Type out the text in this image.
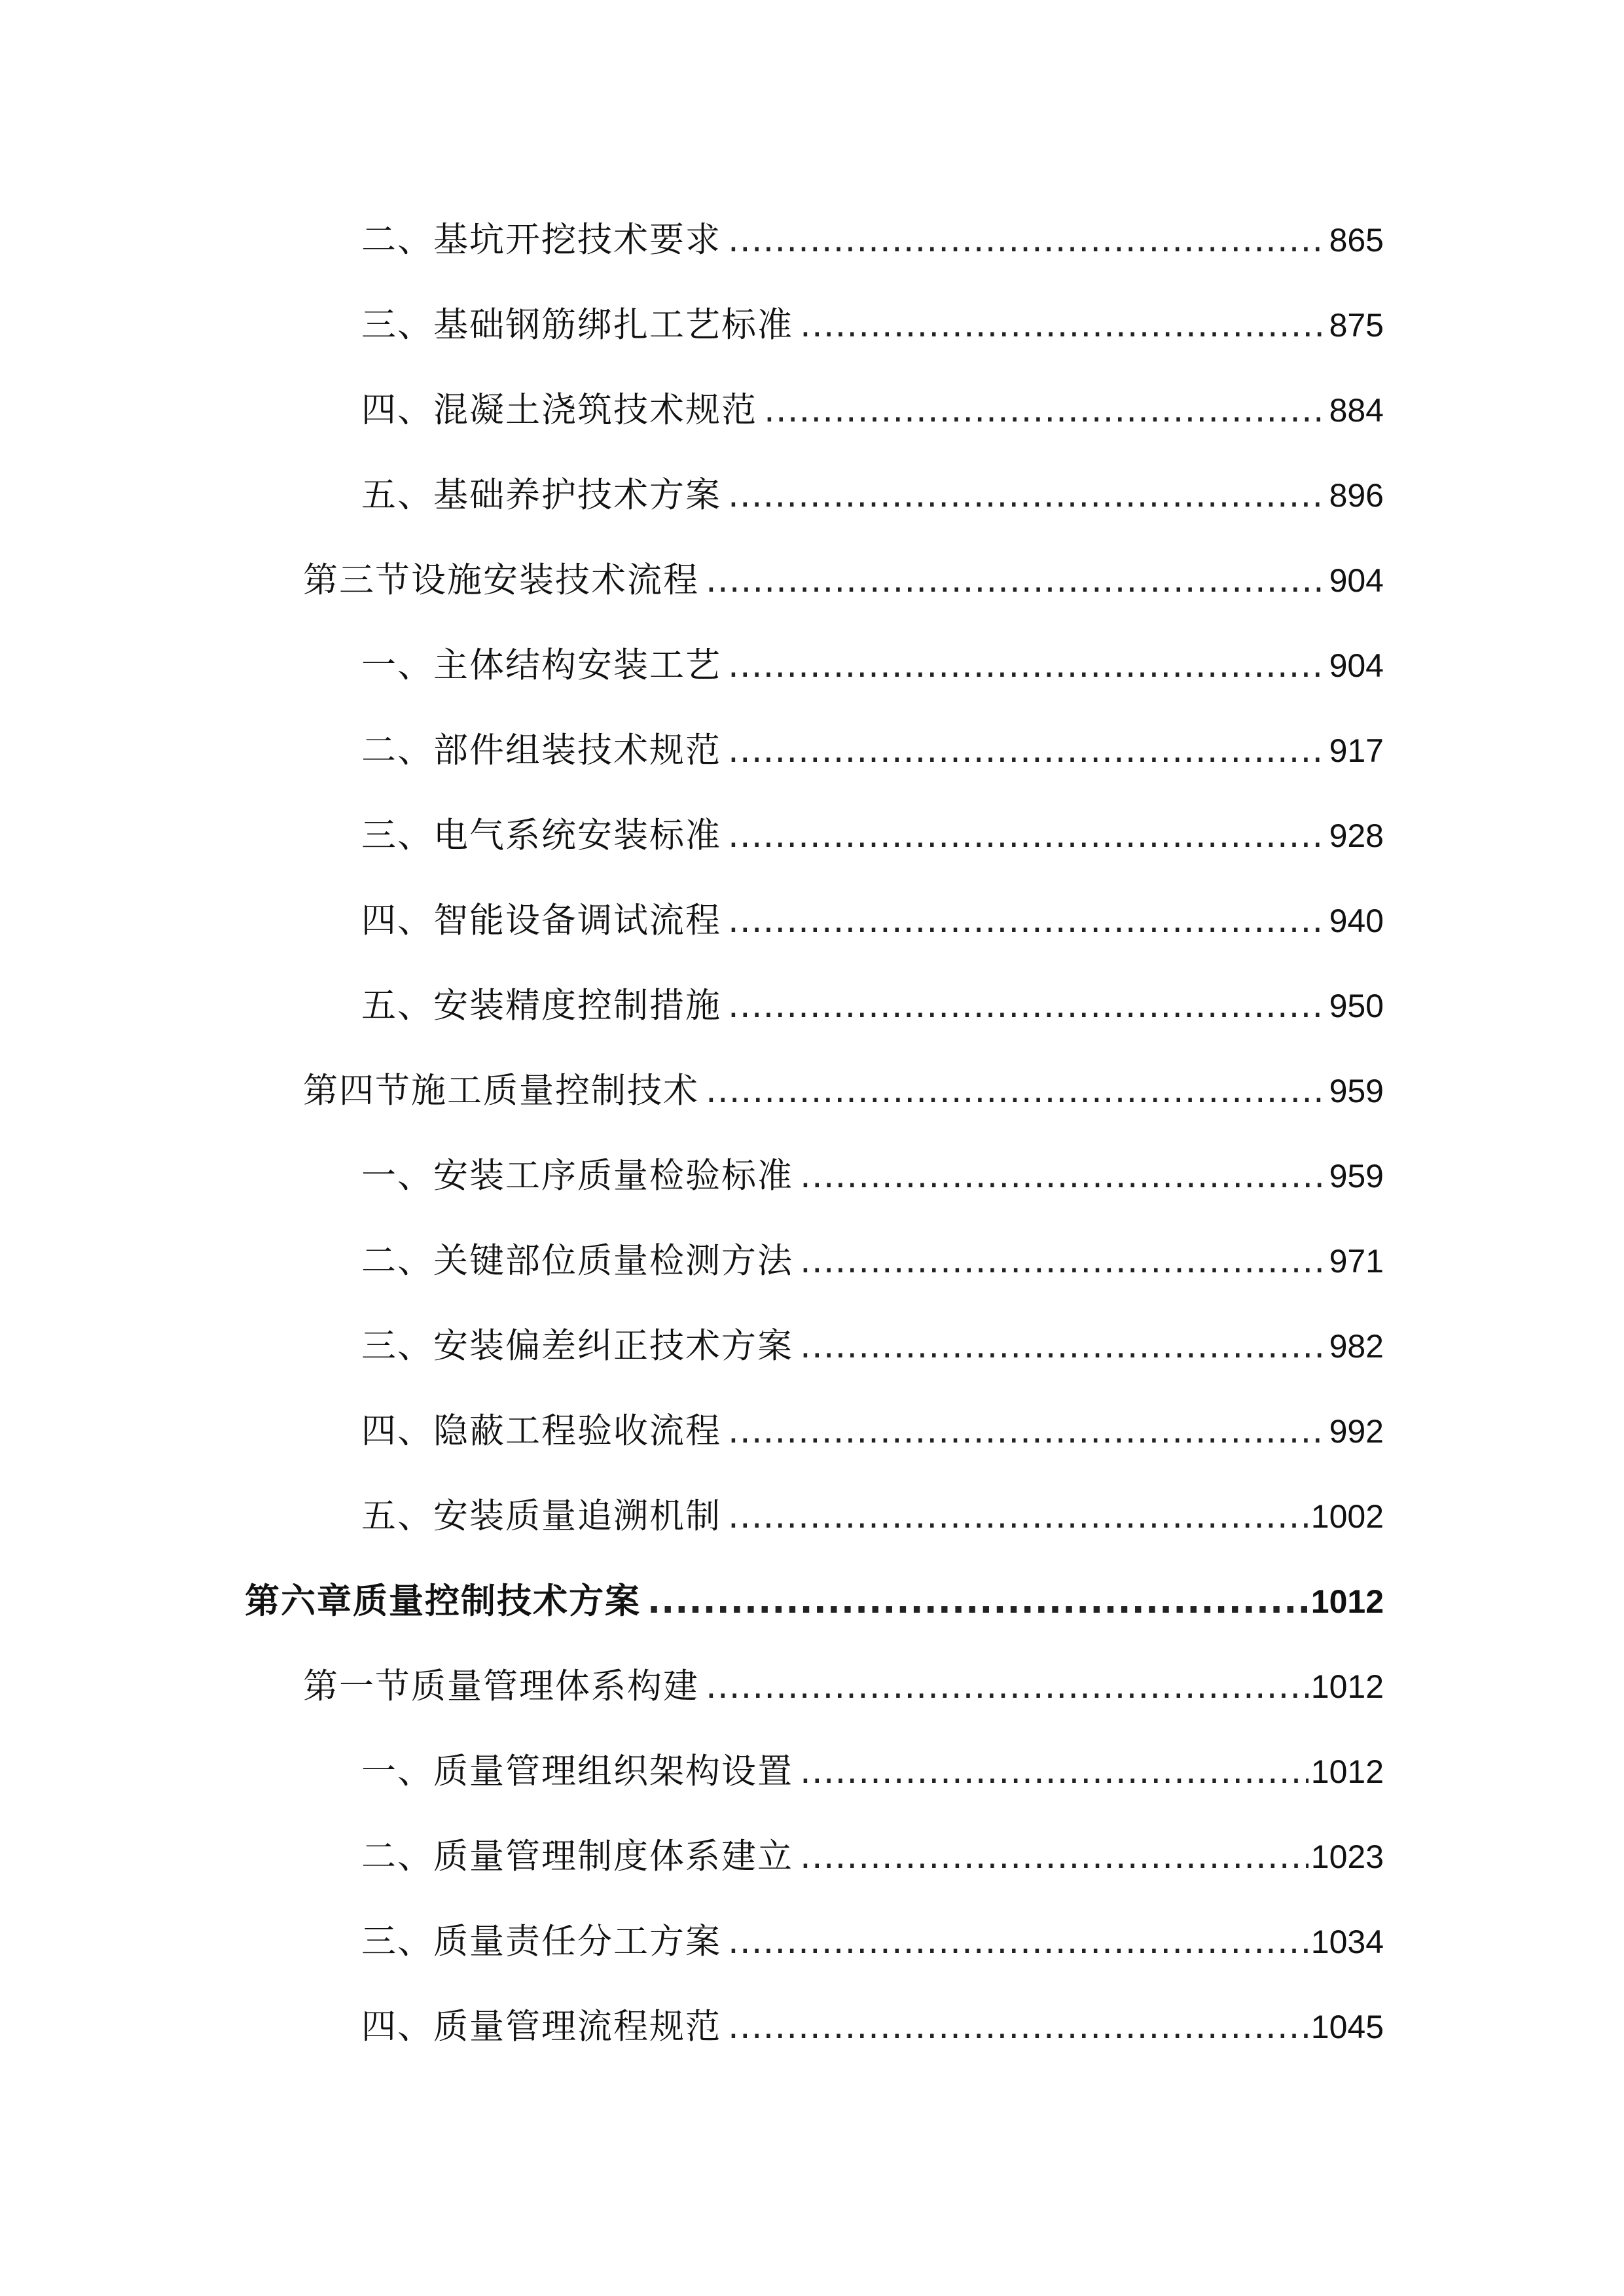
二、基坑开挖技术要求 .....	865
三、基础钢筋绑扎工艺标准 .....	875
四、混凝土浇筑技术规范 .....	884
五、基础养护技术方案 .....	896
第三节设施安装技术流程 .....	904
一、主体结构安装工艺 .....	904
二、部件组装技术规范 .....	917
三、电气系统安装标准 .....	928
四、智能设备调试流程 .....	940
五、安装精度控制措施 .....	950
第四节施工质量控制技术 .....	959
一、安装工序质量检验标准 .....	959
二、关键部位质量检测方法 .....	971
三、安装偏差纠正技术方案 .....	982
四、隐蔽工程验收流程 .....	992
五、安装质量追溯机制 .....	1002
第六章质量控制技术方案 .....	1012
第一节质量管理体系构建 .....	1012
一、质量管理组织架构设置 .....	1012
二、质量管理制度体系建立 .....	1023
三、质量责任分工方案 .....	1034
四、质量管理流程规范 .....	1045
